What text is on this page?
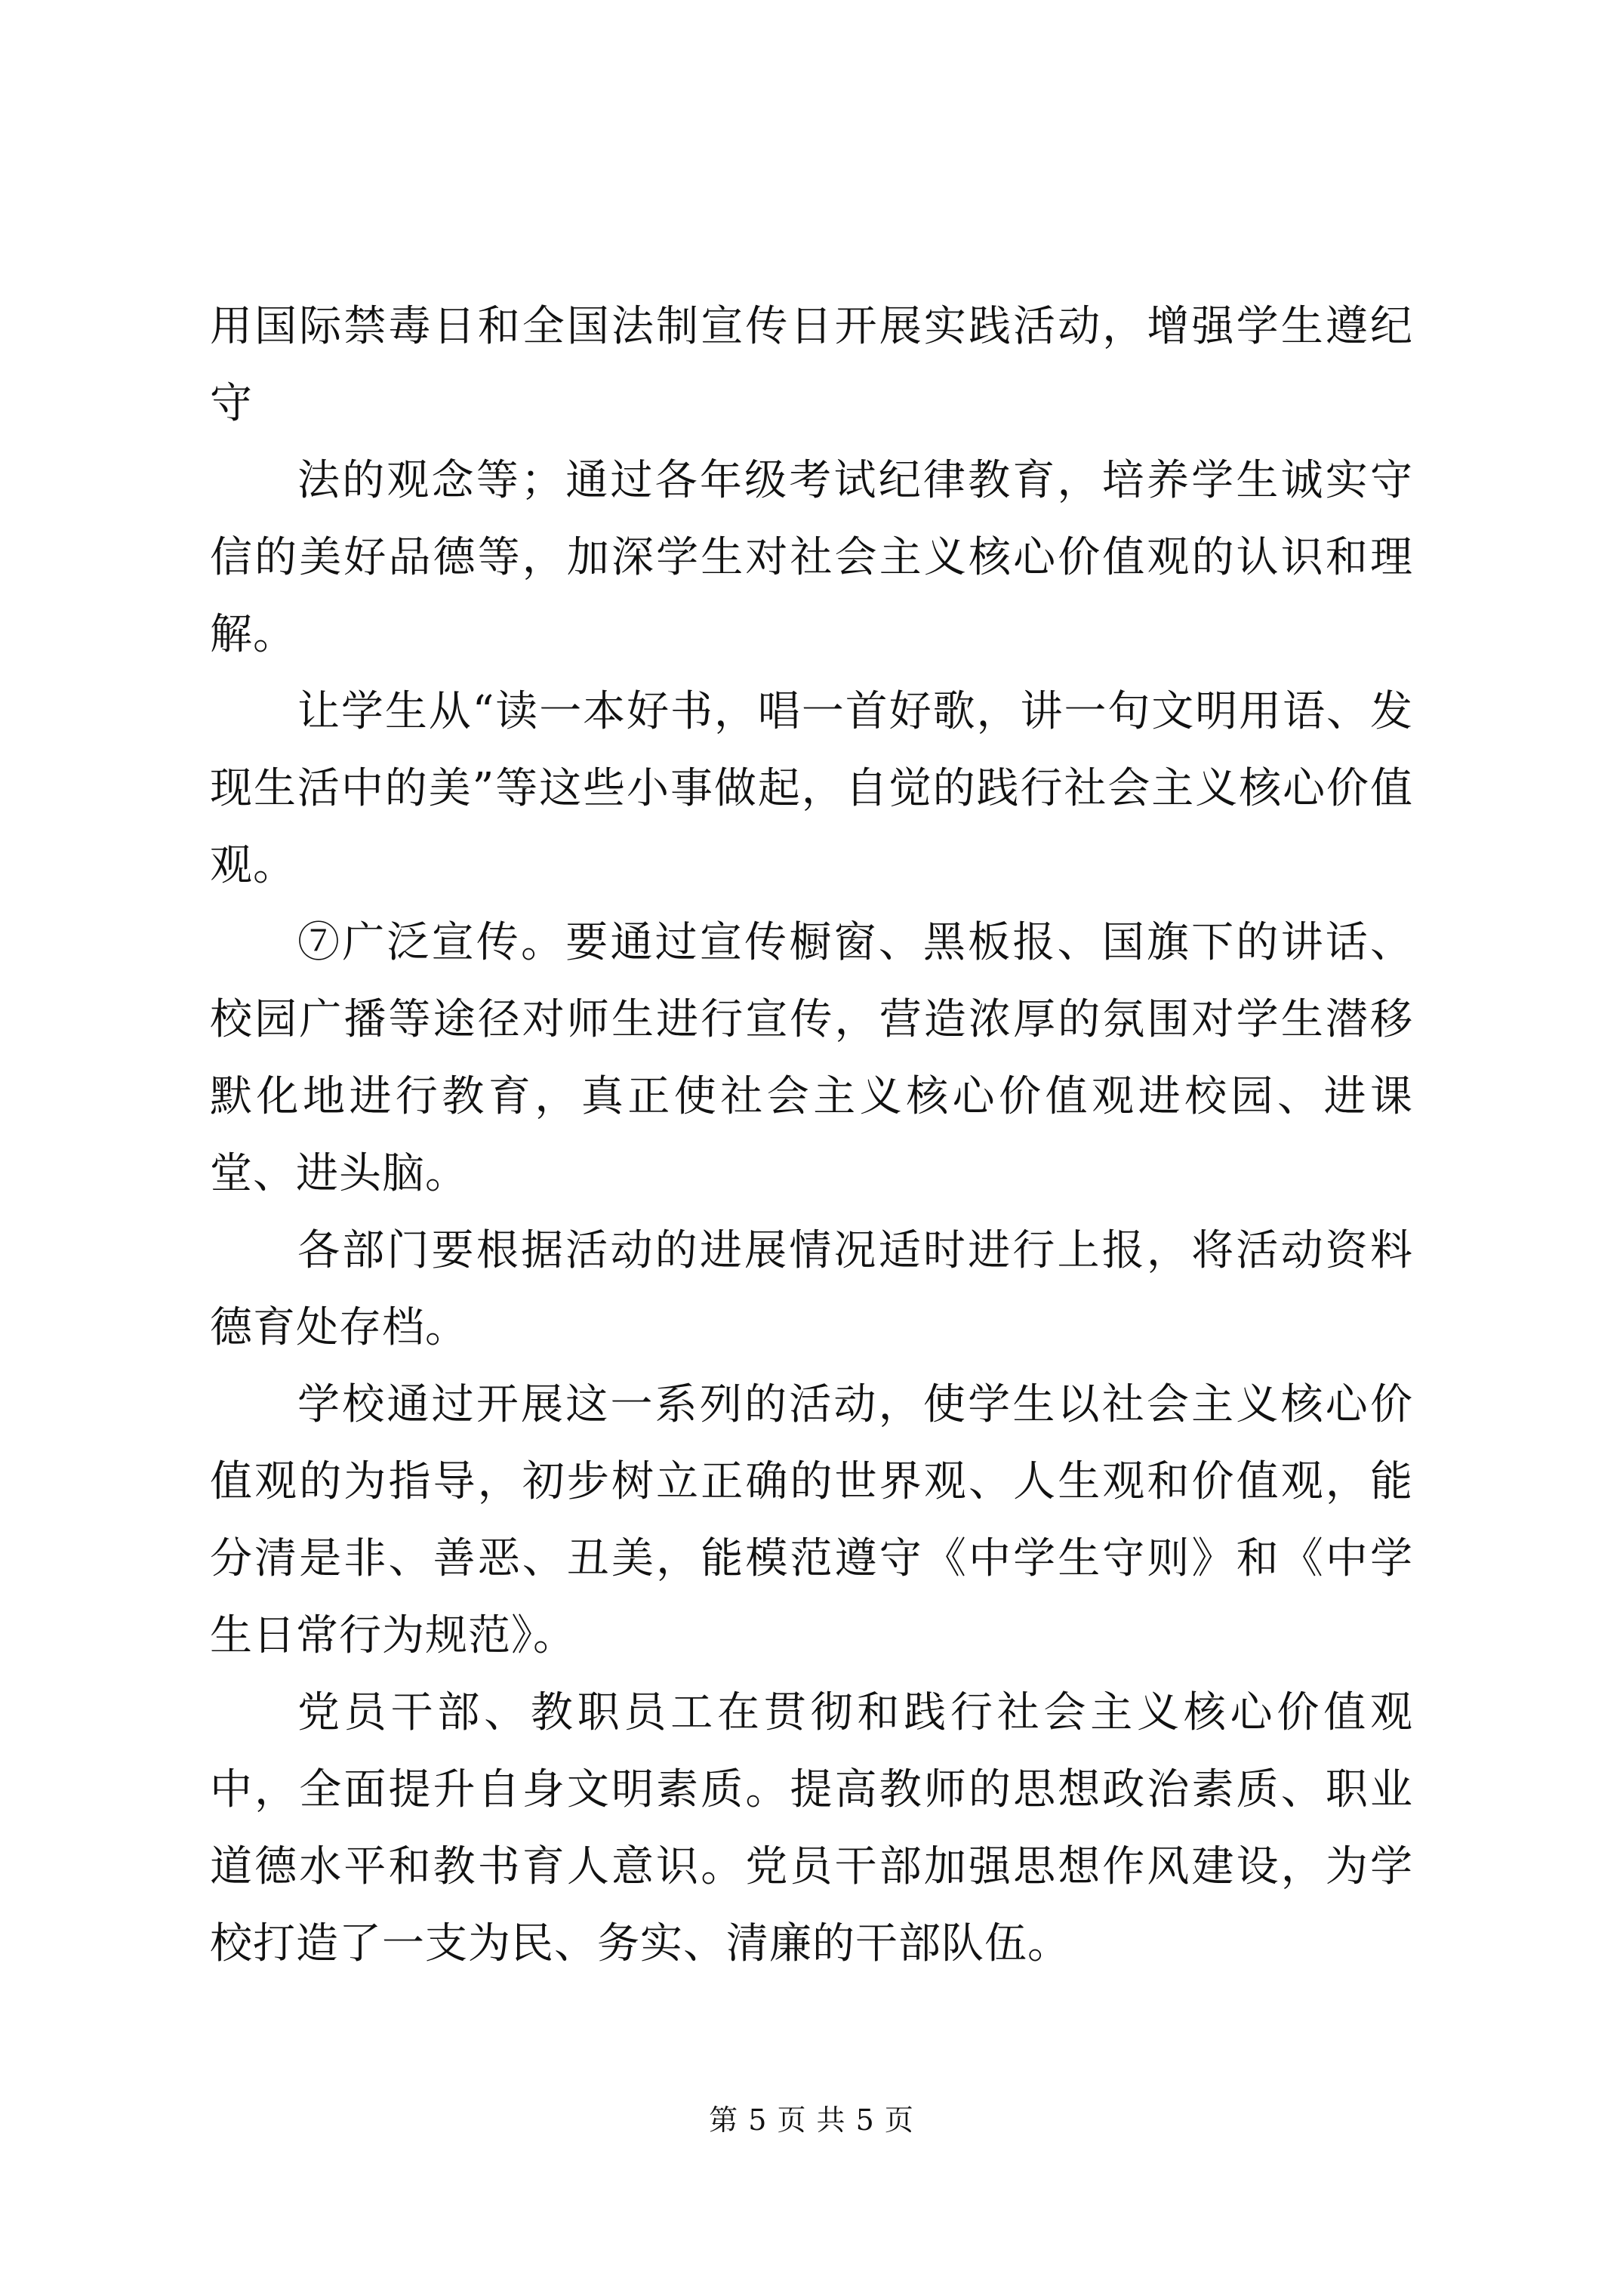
用国际禁毒日和全国法制宣传日开展实践活动，增强学生遵纪守

法的观念等；通过各年级考试纪律教育，培养学生诚实守信的美好品德等，加深学生对社会主义核心价值观的认识和理解。

让学生从“读一本好书，唱一首好歌，讲一句文明用语、发现生活中的美”等这些小事做起，自觉的践行社会主义核心价值观。

⑦广泛宣传。要通过宣传橱窗、黑板报、国旗下的讲话、校园广播等途径对师生进行宣传，营造浓厚的氛围对学生潜移默化地进行教育，真正使社会主义核心价值观进校园、进课堂、进头脑。

各部门要根据活动的进展情况适时进行上报，将活动资料德育处存档。

学校通过开展这一系列的活动，使学生以社会主义核心价值观的为指导，初步树立正确的世界观、人生观和价值观，能分清是非、善恶、丑美，能模范遵守《中学生守则》和《中学生日常行为规范》。

党员干部、教职员工在贯彻和践行社会主义核心价值观中，全面提升自身文明素质。提高教师的思想政治素质、职业道德水平和教书育人意识。党员干部加强思想作风建设，为学校打造了一支为民、务实、清廉的干部队伍。

第 5 页 共 5 页
